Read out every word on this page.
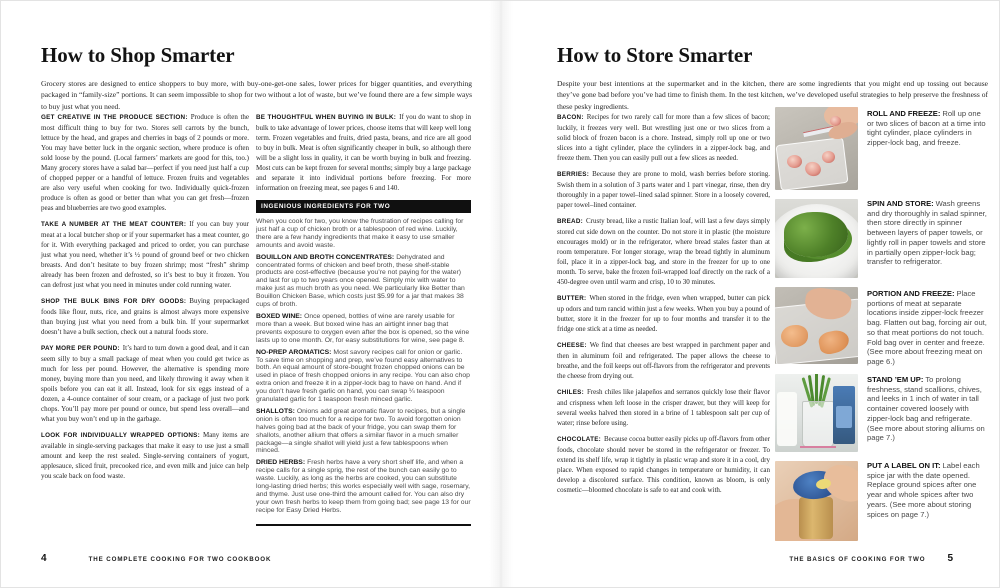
How to Shop Smarter

Grocery stores are designed to entice shoppers to buy more, with buy-one-get-one sales, lower prices for bigger quantities, and everything packaged in “family-size” portions. It can seem impossible to shop for two without a lot of waste, but we’ve found there are a few simple ways to buy just what you need.

GET CREATIVE IN THE PRODUCE SECTION: Produce is often the most difficult thing to buy for two. Stores sell carrots by the bunch, lettuce by the head, and grapes and cherries in bags of 2 pounds or more. You may have better luck in the organic section, where produce is often sold loose by the pound. (Local farmers’ markets are good for this, too.) Many grocery stores have a salad bar—perfect if you need just half a cup of chopped pepper or a handful of lettuce. Frozen fruits and vegetables are also very useful when cooking for two. Individually quick-frozen produce is often as good or better than what you can get fresh—frozen peas and blueberries are two good examples.

TAKE A NUMBER AT THE MEAT COUNTER: If you can buy your meat at a local butcher shop or if your supermarket has a meat counter, go for it. With everything packaged and priced to order, you can purchase just what you need, whether it’s ½ pound of ground beef or two chicken breasts. And don’t hesitate to buy frozen shrimp; most “fresh” shrimp already has been frozen and defrosted, so it’s best to buy it frozen. You can defrost just what you need in minutes under cold running water.

SHOP THE BULK BINS FOR DRY GOODS: Buying prepackaged foods like flour, nuts, rice, and grains is almost always more expensive than buying just what you need from a bulk bin. If your supermarket doesn’t have a bulk section, check out a natural foods store.

PAY MORE PER POUND: It’s hard to turn down a good deal, and it can seem silly to buy a small package of meat when you could get twice as much for less per pound. However, the alternative is spending more money, buying more than you need, and likely throwing it away when it spoils before you can eat it all. Instead, look for six eggs instead of a dozen, a 4-ounce container of sour cream, or a package of just two pork chops. You’ll pay more per pound or ounce, but spend less overall—and what you buy won’t end up in the garbage.

LOOK FOR INDIVIDUALLY WRAPPED OPTIONS: Many items are available in single-serving packages that make it easy to use just a small amount and keep the rest sealed. Single-serving containers of yogurt, applesauce, sliced fruit, precooked rice, and even milk and juice can help you scale back on food waste.

BE THOUGHTFUL WHEN BUYING IN BULK: If you do want to shop in bulk to take advantage of lower prices, choose items that will keep well long term. Frozen vegetables and fruits, dried pasta, beans, and rice are all good to buy in bulk. Meat is often significantly cheaper in bulk, so although there will be a slight loss in quality, it can be worth buying in bulk and freezing. Most cuts can be kept frozen for several months; simply buy a large package and separate it into individual portions before freezing. For more information on freezing meat, see pages 6 and 140.

INGENIOUS INGREDIENTS FOR TWO

When you cook for two, you know the frustration of recipes calling for just half a cup of chicken broth or a tablespoon of red wine. Luckily, there are a few handy ingredients that make it easy to use smaller amounts and avoid waste.

BOUILLON AND BROTH CONCENTRATES: Dehydrated and concentrated forms of chicken and beef broth, these shelf-stable products are cost-effective (because you’re not paying for the water) and last for up to two years once opened. Simply mix with water to make just as much broth as you need. We particularly like Better than Bouillon Chicken Base, which costs just $5.99 for a jar that makes 38 cups of broth.

BOXED WINE: Once opened, bottles of wine are rarely usable for more than a week. But boxed wine has an airtight inner bag that prevents exposure to oxygen even after the box is opened, so the wine lasts up to one month. Or, for easy substitutions for wine, see page 8.

NO-PREP AROMATICS: Most savory recipes call for onion or garlic. To save time on shopping and prep, we’ve found easy alternatives to both. An equal amount of store-bought frozen chopped onions can be used in place of fresh chopped onions in any recipe. You can also chop extra onion and freeze it in a zipper-lock bag to have on hand. And if you don’t have fresh garlic on hand, you can swap ¼ teaspoon granulated garlic for 1 teaspoon fresh minced garlic.

SHALLOTS: Onions add great aromatic flavor to recipes, but a single onion is often too much for a recipe for two. To avoid forgotten onion halves going bad at the back of your fridge, you can swap them for shallots, another allium that offers a similar flavor in a much smaller package—a single shallot will yield just a few tablespoons when minced.

DRIED HERBS: Fresh herbs have a very short shelf life, and when a recipe calls for a single sprig, the rest of the bunch can easily go to waste. Luckily, as long as the herbs are cooked, you can substitute long-lasting dried herbs; this works especially well with sage, rosemary, and thyme. Just use one-third the amount called for. You can also dry your own fresh herbs to keep them from going bad; see page 13 for our recipe for Easy Dried Herbs.

4	THE COMPLETE COOKING FOR TWO COOKBOOK
How to Store Smarter

Despite your best intentions at the supermarket and in the kitchen, there are some ingredients that you might end up tossing out because they’ve gone bad before you’ve had time to finish them. In the test kitchen, we’ve developed useful strategies to help preserve the freshness of these pesky ingredients.

BACON: Recipes for two rarely call for more than a few slices of bacon; luckily, it freezes very well. But wrestling just one or two slices from a solid block of frozen bacon is a chore. Instead, simply roll up one or two slices into a tight cylinder, place the cylinders in a zipper-lock bag, and freeze them. Then you can easily pull out a few slices as needed.

BERRIES: Because they are prone to mold, wash berries before storing. Swish them in a solution of 3 parts water and 1 part vinegar, rinse, then dry thoroughly in a paper towel–lined salad spinner. Store in a loosely covered, paper towel–lined container.

BREAD: Crusty bread, like a rustic Italian loaf, will last a few days simply stored cut side down on the counter. Do not store it in plastic (the moisture encourages mold) or in the refrigerator, where bread stales faster than at room temperature. For longer storage, wrap the bread tightly in aluminum foil, place it in a zipper-lock bag, and store in the freezer for up to one month. To serve, bake the frozen foil-wrapped loaf directly on the rack of a 450-degree oven until warm and crisp, 10 to 30 minutes.

BUTTER: When stored in the fridge, even when wrapped, butter can pick up odors and turn rancid within just a few weeks. When you buy a pound of butter, store it in the freezer for up to four months and transfer it to the fridge one stick at a time as needed.

CHEESE: We find that cheeses are best wrapped in parchment paper and then in aluminum foil and refrigerated. The paper allows the cheese to breathe, and the foil keeps out off-flavors from the refrigerator and prevents the cheese from drying out.

CHILES: Fresh chiles like jalapeños and serranos quickly lose their flavor and crispness when left loose in the crisper drawer, but they will keep for several weeks halved then stored in a brine of 1 tablespoon salt per cup of water; rinse before using.

CHOCOLATE: Because cocoa butter easily picks up off-flavors from other foods, chocolate should never be stored in the refrigerator or freezer. To extend its shelf life, wrap it tightly in plastic wrap and store it in a cool, dry place. When exposed to rapid changes in temperature or humidity, it can develop a discolored surface. This condition, known as bloom, is only cosmetic—bloomed chocolate is safe to eat and cook with.

ROLL AND FREEZE: Roll up one or two slices of bacon at a time into tight cylinder, place cylinders in zipper-lock bag, and freeze.

SPIN AND STORE: Wash greens and dry thoroughly in salad spinner, then store directly in spinner between layers of paper towels, or lightly roll in paper towels and store in partially open zipper-lock bag; transfer to refrigerator.

PORTION AND FREEZE: Place portions of meat at separate locations inside zipper-lock freezer bag. Flatten out bag, forcing air out, so that meat portions do not touch. Fold bag over in center and freeze. (See more about freezing meat on page 6.)

STAND ’EM UP: To prolong freshness, stand scallions, chives, and leeks in 1 inch of water in tall container covered loosely with zipper-lock bag and refrigerate. (See more about storing alliums on page 7.)

PUT A LABEL ON IT: Label each spice jar with the date opened. Replace ground spices after one year and whole spices after two years. (See more about storing spices on page 7.)

THE BASICS OF COOKING FOR TWO 5
